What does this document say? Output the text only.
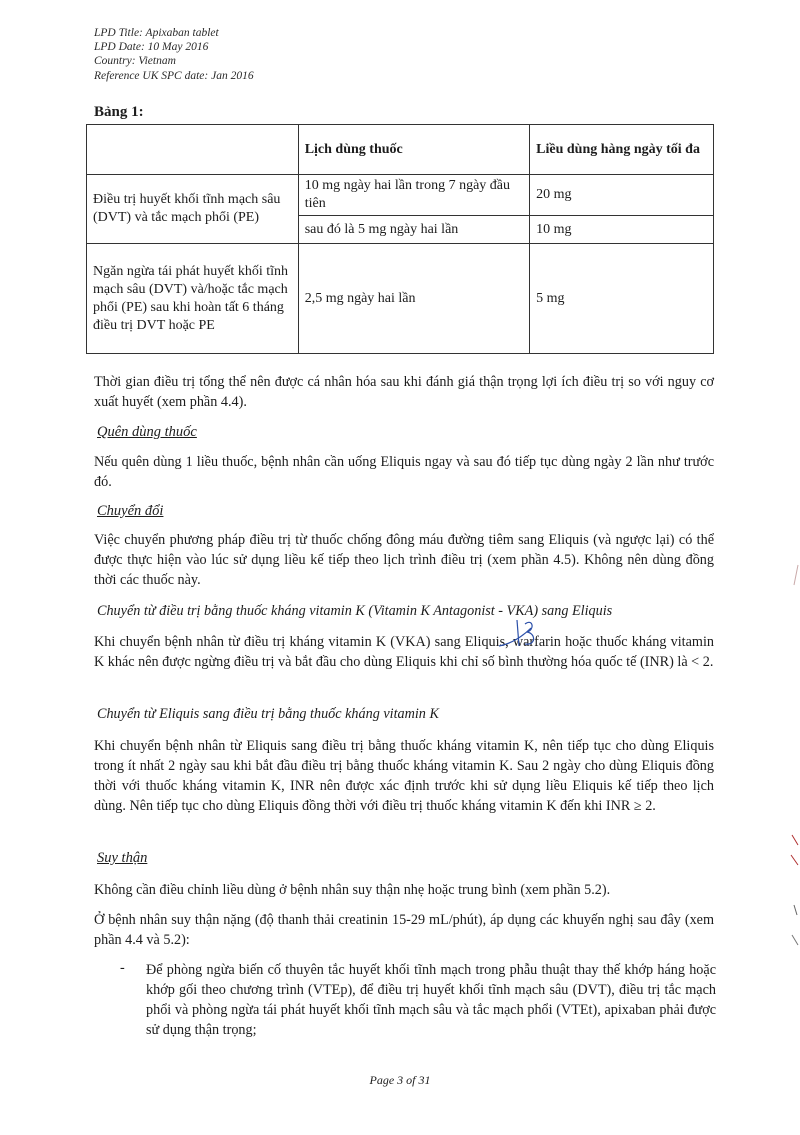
LPD Title: Apixaban tablet
LPD Date: 10 May 2016
Country: Vietnam
Reference UK SPC date: Jan 2016
Bảng 1:
	Lịch dùng thuốc	Liều dùng hàng ngày tối đa
Điều trị huyết khối tĩnh mạch sâu (DVT) và tắc mạch phổi (PE)	10 mg ngày hai lần trong 7 ngày đầu tiên	20 mg
	sau đó là 5 mg ngày hai lần	10 mg
Ngăn ngừa tái phát huyết khối tĩnh mạch sâu (DVT) và/hoặc tắc mạch phổi (PE) sau khi hoàn tất 6 tháng điều trị DVT hoặc PE	2,5 mg ngày hai lần	5 mg
Thời gian điều trị tổng thể nên được cá nhân hóa sau khi đánh giá thận trọng lợi ích điều trị so với nguy cơ xuất huyết (xem phần 4.4).
Quên dùng thuốc
Nếu quên dùng 1 liều thuốc, bệnh nhân cần uống Eliquis ngay và sau đó tiếp tục dùng ngày 2 lần như trước đó.
Chuyển đổi
Việc chuyển phương pháp điều trị từ thuốc chống đông máu đường tiêm sang Eliquis (và ngược lại) có thể được thực hiện vào lúc sử dụng liều kế tiếp theo lịch trình điều trị (xem phần 4.5). Không nên dùng đồng thời các thuốc này.
Chuyển từ điều trị bằng thuốc kháng vitamin K (Vitamin K Antagonist - VKA) sang Eliquis
Khi chuyển bệnh nhân từ điều trị kháng vitamin K (VKA) sang Eliquis, warfarin hoặc thuốc kháng vitamin K khác nên được ngừng điều trị và bắt đầu cho dùng Eliquis khi chỉ số bình thường hóa quốc tế (INR) là < 2.
Chuyển từ Eliquis sang điều trị bằng thuốc kháng vitamin K
Khi chuyển bệnh nhân từ Eliquis sang điều trị bằng thuốc kháng vitamin K, nên tiếp tục cho dùng Eliquis trong ít nhất 2 ngày sau khi bắt đầu điều trị bằng thuốc kháng vitamin K. Sau 2 ngày cho dùng Eliquis đồng thời với thuốc kháng vitamin K, INR nên được xác định trước khi sử dụng liều Eliquis kế tiếp theo lịch dùng. Nên tiếp tục cho dùng Eliquis đồng thời với điều trị thuốc kháng vitamin K đến khi INR ≥ 2.
Suy thận
Không cần điều chỉnh liều dùng ở bệnh nhân suy thận nhẹ hoặc trung bình (xem phần 5.2).
Ở bệnh nhân suy thận nặng (độ thanh thải creatinin 15-29 mL/phút), áp dụng các khuyến nghị sau đây (xem phần 4.4 và 5.2):
- Để phòng ngừa biến cố thuyên tắc huyết khối tĩnh mạch trong phẫu thuật thay thế khớp háng hoặc khớp gối theo chương trình (VTEp), để điều trị huyết khối tĩnh mạch sâu (DVT), điều trị tắc mạch phổi và phòng ngừa tái phát huyết khối tĩnh mạch sâu và tắc mạch phổi (VTEt), apixaban phải được sử dụng thận trọng;
Page 3 of 31
